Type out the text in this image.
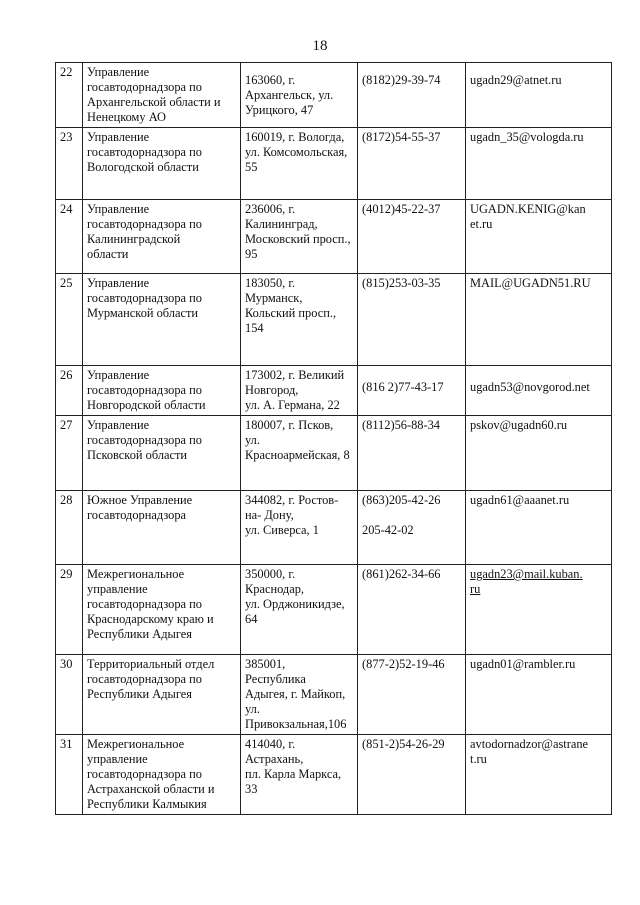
18
22	Управление
госавтодорнадзора по
Архангельской области и
Ненецкому АО	163060, г.
Архангельск, ул.
Урицкого, 47	(8182)29-39-74	ugadn29@atnet.ru
23	Управление
госавтодорнадзора по
Вологодской области	160019, г. Вологда,
ул. Комсомольская,
55	(8172)54-55-37	ugadn_35@vologda.ru
24	Управление
госавтодорнадзора по
Калининградской
области	236006, г.
Калининград,
Московский просп.,
95	(4012)45-22-37	UGADN.KENIG@kan
et.ru
25	Управление
госавтодорнадзора по
Мурманской области	183050, г.
Мурманск,
Кольский просп.,
154	(815)253-03-35	MAIL@UGADN51.RU
26	Управление
госавтодорнадзора по
Новгородской области	173002, г. Великий
Новгород,
ул. А. Германа, 22	(816 2)77-43-17	ugadn53@novgorod.net
27	Управление
госавтодорнадзора по
Псковской области	180007, г. Псков,
ул.
Красноармейская, 8	(8112)56-88-34	pskov@ugadn60.ru
28	Южное Управление
госавтодорнадзора	344082, г. Ростов-
на- Дону,
ул. Сиверса, 1	(863)205-42-26
205-42-02	ugadn61@aaanet.ru
29	Межрегиональное
управление
госавтодорнадзора по
Краснодарскому краю и
Республики Адыгея	350000, г.
Краснодар,
ул. Орджоникидзе,
64	(861)262-34-66	ugadn23@mail.kuban.
ru
30	Территориальный отдел
госавтодорнадзора по
Республики Адыгея	385001,
Республика
Адыгея, г. Майкоп,
ул.
Привокзальная,106	(877-2)52-19-46	ugadn01@rambler.ru
31	Межрегиональное
управление
госавтодорнадзора по
Астраханской области и
Республики Калмыкия	414040, г.
Астрахань,
пл. Карла Маркса,
33	(851-2)54-26-29	avtodornadzor@astrane
t.ru
